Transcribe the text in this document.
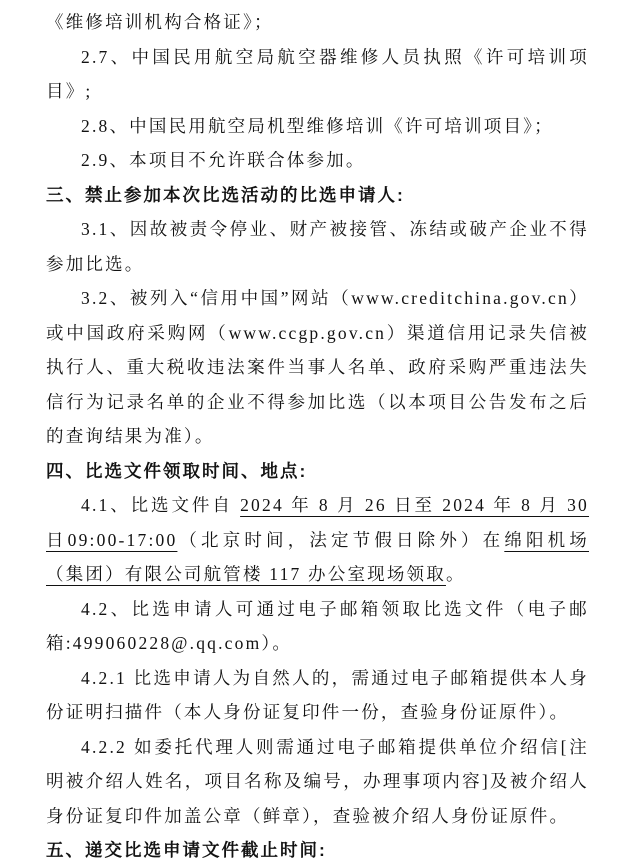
《维修培训机构合格证》；

2.7、中国民用航空局航空器维修人员执照《许可培训项目》;

2.8、中国民用航空局机型维修培训《许可培训项目》；

2.9、本项目不允许联合体参加。

三、禁止参加本次比选活动的比选申请人:

3.1、因故被责令停业、财产被接管、冻结或破产企业不得参加比选。

3.2、被列入“信用中国”网站（www.creditchina.gov.cn）或中国政府采购网（www.ccgp.gov.cn）渠道信用记录失信被执行人、重大税收违法案件当事人名单、政府采购严重违法失信行为记录名单的企业不得参加比选（以本项目公告发布之后的查询结果为准）。

四、比选文件领取时间、地点:

4.1、比选文件自 2024 年 8 月 26 日至 2024 年 8 月 30 日09:00-17:00（北京时间，法定节假日除外）在绵阳机场（集团）有限公司航管楼 117 办公室现场领取。

4.2、比选申请人可通过电子邮箱领取比选文件（电子邮箱:499060228@.qq.com）。

4.2.1 比选申请人为自然人的，需通过电子邮箱提供本人身份证明扫描件（本人身份证复印件一份，查验身份证原件）。

4.2.2 如委托代理人则需通过电子邮箱提供单位介绍信[注明被介绍人姓名，项目名称及编号，办理事项内容]及被介绍人身份证复印件加盖公章（鲜章），查验被介绍人身份证原件。

五、递交比选申请文件截止时间:
